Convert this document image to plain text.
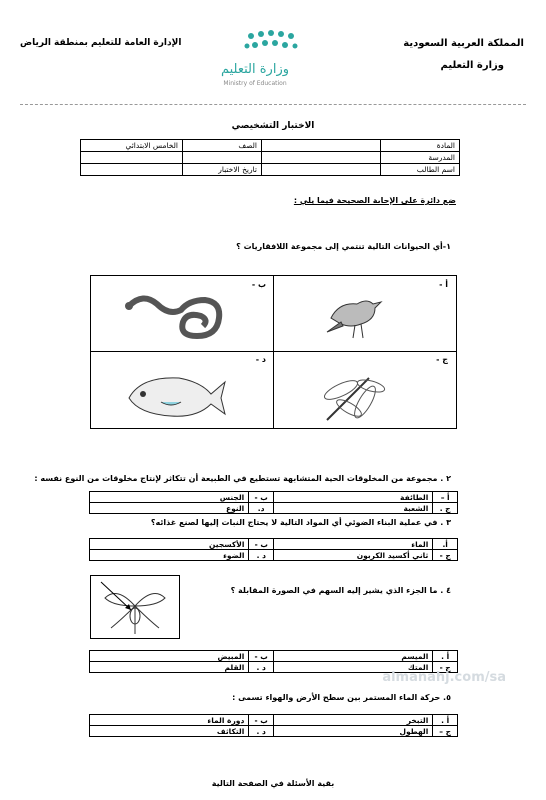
المملكة العربية السعودية
وزارة التعليم
الإدارة العامة للتعليم بمنطقة الرياض
وزارة التعليم
Ministry of Education
الاختبار التشخيصي
المادة		الصف	الخامس الابتدائي
المدرسة			
اسم الطالب		تاريخ الاختبار	
ضع دائرة على الإجابة الصحيحة فيما يلي :
١-أي الحيوانات التالية تنتمي إلى مجموعة اللافقاريات ؟
أ -
ب -
ج -
د -
٢ . مجموعة من المخلوقات الحية المتشابهة تستطيع في الطبيعة أن تتكاثر لإنتاج مخلوقات من النوع نفسه :
أ –	الطائفة	ب -	الجنس
ج .	الشعبة	د.	النوع
٣ . في عملية البناء الضوئي أي المواد التالية لا يحتاج النبات إليها لصنع غذائه؟
أ.	الماء	ب -	الأكسجين
ج -	ثاني أكسيد الكربون	د .	الضوء
٤ . ما الجزء الذي يشير إليه السهم في الصورة المقابلة ؟
أ .	الميسم	ب -	المبيض
ج -	المتك	د .	القلم
almanahj.com/sa
٥. حركة الماء المستمر بين سطح الأرض والهواء تسمى :
أ .	التبخر	ب -	دورة الماء
ج –	الهطول	د .	التكاثف
بقية الأسئلة في الصفحة التالية
